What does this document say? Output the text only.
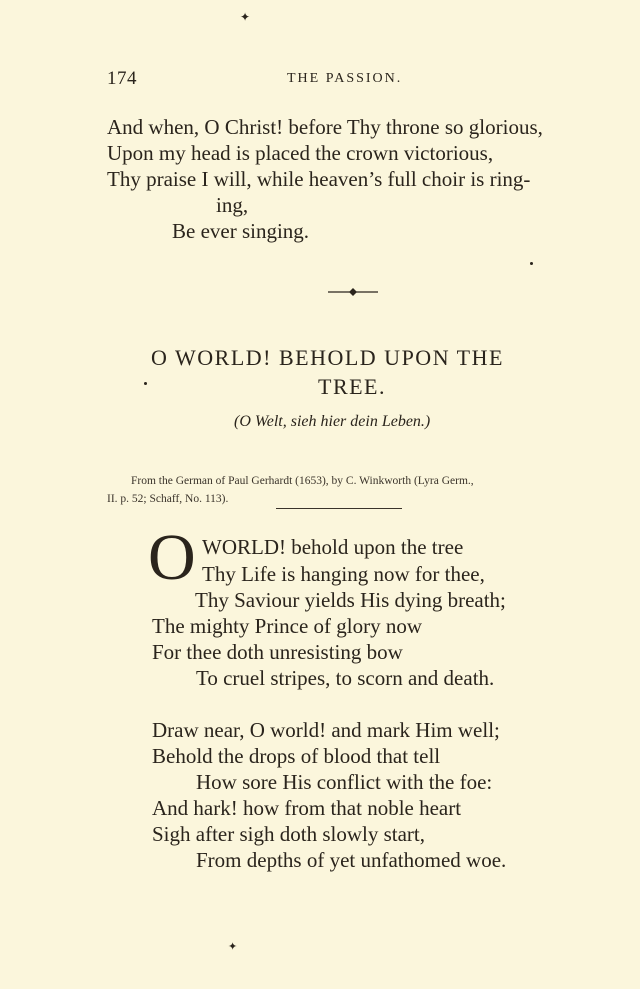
✦
✦
174	THE PASSION.
And when, O Christ! before Thy throne so glorious,
Upon my head is placed the crown victorious,
Thy praise I will, while heaven’s full choir is ring-
ing,
Be ever singing.
O WORLD! BEHOLD UPON THE
TREE.
(O Welt, sieh hier dein Leben.)
From the German of Paul Gerhardt (1653), by C. Winkworth (Lyra Germ.,
II. p. 52; Schaff, No. 113).
O WORLD! behold upon the tree
Thy Life is hanging now for thee,
Thy Saviour yields His dying breath;
The mighty Prince of glory now
For thee doth unresisting bow
To cruel stripes, to scorn and death.
Draw near, O world! and mark Him well;
Behold the drops of blood that tell
How sore His conflict with the foe:
And hark! how from that noble heart
Sigh after sigh doth slowly start,
From depths of yet unfathomed woe.
